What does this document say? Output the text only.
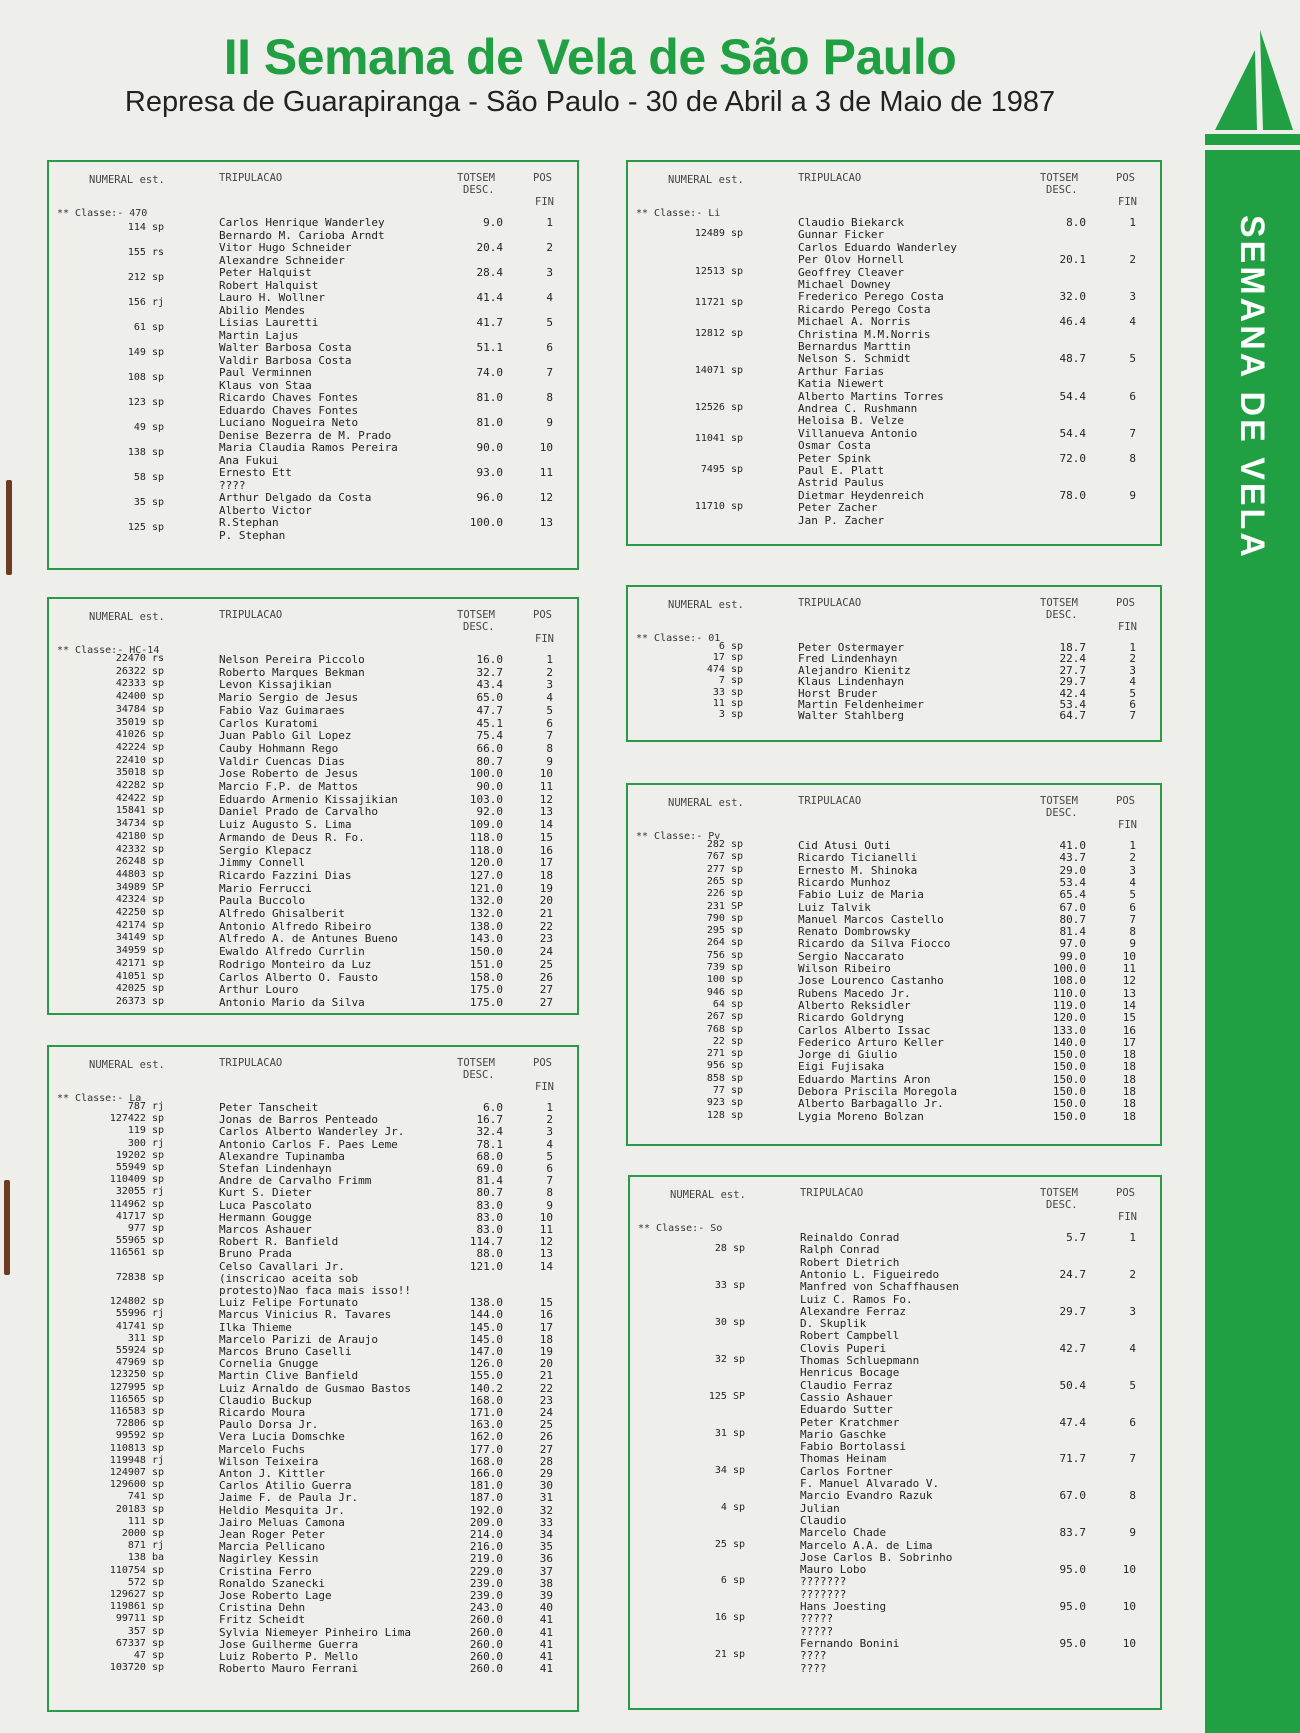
II Semana de Vela de São Paulo
Represa de Guarapiranga - São Paulo - 30 de Abril a 3 de Maio de 1987
SEMANA DE VELA
NUMERAL est.	TRIPULACAO	TOTSEM
DESC.
POS
FIN
** Classe:- 470
114 sp	Carlos Henrique Wanderley
Bernardo M. Carioba Arndt
9.0	1
155 rs	Vitor Hugo Schneider
Alexandre Schneider
20.4	2
212 sp	Peter Halquist
Robert Halquist
28.4	3
156 rj	Lauro H. Wollner
Abilio Mendes
41.4	4
61 sp	Lisias Lauretti
Martin Lajus
41.7	5
149 sp	Walter Barbosa Costa
Valdir Barbosa Costa
51.1	6
108 sp	Paul Verminnen
Klaus von Staa
74.0	7
123 sp	Ricardo Chaves Fontes
Eduardo Chaves Fontes
81.0	8
49 sp	Luciano Nogueira Neto
Denise Bezerra de M. Prado
81.0	9
138 sp	Maria Claudia Ramos Pereira
Ana Fukui
90.0	10
58 sp	Ernesto Ett
????
93.0	11
35 sp	Arthur Delgado da Costa
Alberto Victor
96.0	12
125 sp	R.Stephan
P. Stephan
100.0	13
NUMERAL est.	TRIPULACAO	TOTSEM
DESC.
POS
FIN
** Classe:- HC-14
22470 rs	Nelson Pereira Piccolo	16.0	1
26322 sp	Roberto Marques Bekman	32.7	2
42333 sp	Levon Kissajikian	43.4	3
42400 sp	Mario Sergio de Jesus	65.0	4
34784 sp	Fabio Vaz Guimaraes	47.7	5
35019 sp	Carlos Kuratomi	45.1	6
41026 sp	Juan Pablo Gil Lopez	75.4	7
42224 sp	Cauby Hohmann Rego	66.0	8
22410 sp	Valdir Cuencas Dias	80.7	9
35018 sp	Jose Roberto de Jesus	100.0	10
42282 sp	Marcio F.P. de Mattos	90.0	11
42422 sp	Eduardo Armenio Kissajikian	103.0	12
15841 sp	Daniel Prado de Carvalho	92.0	13
34734 sp	Luiz Augusto S. Lima	109.0	14
42180 sp	Armando de Deus R. Fo.	118.0	15
42332 sp	Sergio Klepacz	118.0	16
26248 sp	Jimmy Connell	120.0	17
44803 sp	Ricardo Fazzini Dias	127.0	18
34989 SP	Mario Ferrucci	121.0	19
42324 sp	Paula Buccolo	132.0	20
42250 sp	Alfredo Ghisalberit	132.0	21
42174 sp	Antonio Alfredo Ribeiro	138.0	22
34149 sp	Alfredo A. de Antunes Bueno	143.0	23
34959 sp	Ewaldo Alfredo Currlin	150.0	24
42171 sp	Rodrigo Monteiro da Luz	151.0	25
41051 sp	Carlos Alberto O. Fausto	158.0	26
42025 sp	Arthur Louro	175.0	27
26373 sp	Antonio Mario da Silva	175.0	27
NUMERAL est.	TRIPULACAO	TOTSEM
DESC.
POS
FIN
** Classe:- La
787 rj	Peter Tanscheit	6.0	1
127422 sp	Jonas de Barros Penteado	16.7	2
119 sp	Carlos Alberto Wanderley Jr.	32.4	3
300 rj	Antonio Carlos F. Paes Leme	78.1	4
19202 sp	Alexandre Tupinamba	68.0	5
55949 sp	Stefan Lindenhayn	69.0	6
110409 sp	Andre de Carvalho Frimm	81.4	7
32055 rj	Kurt S. Dieter	80.7	8
114962 sp	Luca Pascolato	83.0	9
41717 sp	Hermann Gougge	83.0	10
977 sp	Marcos Ashauer	83.0	11
55965 sp	Robert R. Banfield	114.7	12
116561 sp	Bruno Prada	88.0	13
72838 sp
Celso Cavallari Jr.
(inscricao aceita sob
protesto)Nao faca mais isso!!
121.0	14
124802 sp	Luiz Felipe Fortunato	138.0	15
55996 rj	Marcus Vinicius R. Tavares	144.0	16
41741 sp	Ilka Thieme	145.0	17
311 sp	Marcelo Parizi de Araujo	145.0	18
55924 sp	Marcos Bruno Caselli	147.0	19
47969 sp	Cornelia Gnugge	126.0	20
123250 sp	Martin Clive Banfield	155.0	21
127995 sp	Luiz Arnaldo de Gusmao Bastos	140.2	22
116565 sp	Claudio Buckup	168.0	23
116583 sp	Ricardo Moura	171.0	24
72806 sp	Paulo Dorsa Jr.	163.0	25
99592 sp	Vera Lucia Domschke	162.0	26
110813 sp	Marcelo Fuchs	177.0	27
119948 rj	Wilson Teixeira	168.0	28
124907 sp	Anton J. Kittler	166.0	29
129600 sp	Carlos Atilio Guerra	181.0	30
741 sp	Jaime F. de Paula Jr.	187.0	31
20183 sp	Heldio Mesquita Jr.	192.0	32
111 sp	Jairo Meluas Camona	209.0	33
2000 sp	Jean Roger Peter	214.0	34
871 rj	Marcia Pellicano	216.0	35
138 ba	Nagirley Kessin	219.0	36
110754 sp	Cristina Ferro	229.0	37
572 sp	Ronaldo Szanecki	239.0	38
129627 sp	Jose Roberto Lage	239.0	39
119861 sp	Cristina Dehn	243.0	40
99711 sp	Fritz Scheidt	260.0	41
357 sp	Sylvia Niemeyer Pinheiro Lima	260.0	41
67337 sp	Jose Guilherme Guerra	260.0	41
47 sp	Luiz Roberto P. Mello	260.0	41
103720 sp	Roberto Mauro Ferrani	260.0	41
NUMERAL est.	TRIPULACAO	TOTSEM
DESC.
POS
FIN
** Classe:- Li
12489 sp
Claudio Biekarck
Gunnar Ficker
Carlos Eduardo Wanderley
8.0	1
12513 sp
Per Olov Hornell
Geoffrey Cleaver
Michael Downey
20.1	2
11721 sp	Frederico Perego Costa
Ricardo Perego Costa
32.0	3
12812 sp
Michael A. Norris
Christina M.M.Norris
Bernardus Marttin
46.4	4
14071 sp
Nelson S. Schmidt
Arthur Farias
Katia Niewert
48.7	5
12526 sp
Alberto Martins Torres
Andrea C. Rushmann
Heloisa B. Velze
54.4	6
11041 sp	Villanueva Antonio
Osmar Costa
54.4	7
7495 sp
Peter Spink
Paul E. Platt
Astrid Paulus
72.0	8
11710 sp
Dietmar Heydenreich
Peter Zacher
Jan P. Zacher
78.0	9
NUMERAL est.	TRIPULACAO	TOTSEM
DESC.
POS
FIN
** Classe:- 01
6 sp	Peter Ostermayer	18.7	1
17 sp	Fred Lindenhayn	22.4	2
474 sp	Alejandro Kienitz	27.7	3
7 sp	Klaus Lindenhayn	29.7	4
33 sp	Horst Bruder	42.4	5
11 sp	Martin Feldenheimer	53.4	6
3 sp	Walter Stahlberg	64.7	7
NUMERAL est.	TRIPULACAO	TOTSEM
DESC.
POS
FIN
** Classe:- Pv
282 sp	Cid Atusi Outi	41.0	1
767 sp	Ricardo Ticianelli	43.7	2
277 sp	Ernesto M. Shinoka	29.0	3
265 sp	Ricardo Munhoz	53.4	4
226 sp	Fabio Luiz de Maria	65.4	5
231 SP	Luiz Talvik	67.0	6
790 sp	Manuel Marcos Castello	80.7	7
295 sp	Renato Dombrowsky	81.4	8
264 sp	Ricardo da Silva Fiocco	97.0	9
756 sp	Sergio Naccarato	99.0	10
739 sp	Wilson Ribeiro	100.0	11
100 sp	Jose Lourenco Castanho	108.0	12
946 sp	Rubens Macedo Jr.	110.0	13
64 sp	Alberto Reksidler	119.0	14
267 sp	Ricardo Goldryng	120.0	15
768 sp	Carlos Alberto Issac	133.0	16
22 sp	Federico Arturo Keller	140.0	17
271 sp	Jorge di Giulio	150.0	18
956 sp	Eigi Fujisaka	150.0	18
858 sp	Eduardo Martins Aron	150.0	18
77 sp	Debora Priscila Moregola	150.0	18
923 sp	Alberto Barbagallo Jr.	150.0	18
128 sp	Lygia Moreno Bolzan	150.0	18
NUMERAL est.	TRIPULACAO	TOTSEM
DESC.
POS
FIN
** Classe:- So
28 sp
Reinaldo Conrad
Ralph Conrad
Robert Dietrich
5.7	1
33 sp
Antonio L. Figueiredo
Manfred von Schaffhausen
Luiz C. Ramos Fo.
24.7	2
30 sp
Alexandre Ferraz
D. Skuplik
Robert Campbell
29.7	3
32 sp
Clovis Puperi
Thomas Schluepmann
Henricus Bocage
42.7	4
125 SP
Claudio Ferraz
Cassio Ashauer
Eduardo Sutter
50.4	5
31 sp
Peter Kratchmer
Mario Gaschke
Fabio Bortolassi
47.4	6
34 sp
Thomas Heinam
Carlos Fortner
F. Manuel Alvarado V.
71.7	7
4 sp
Marcio Evandro Razuk
Julian
Claudio
67.0	8
25 sp
Marcelo Chade
Marcelo A.A. de Lima
Jose Carlos B. Sobrinho
83.7	9
6 sp
Mauro Lobo
???????
???????
95.0	10
16 sp
Hans Joesting
?????
?????
95.0	10
21 sp
Fernando Bonini
????
????
95.0	10
